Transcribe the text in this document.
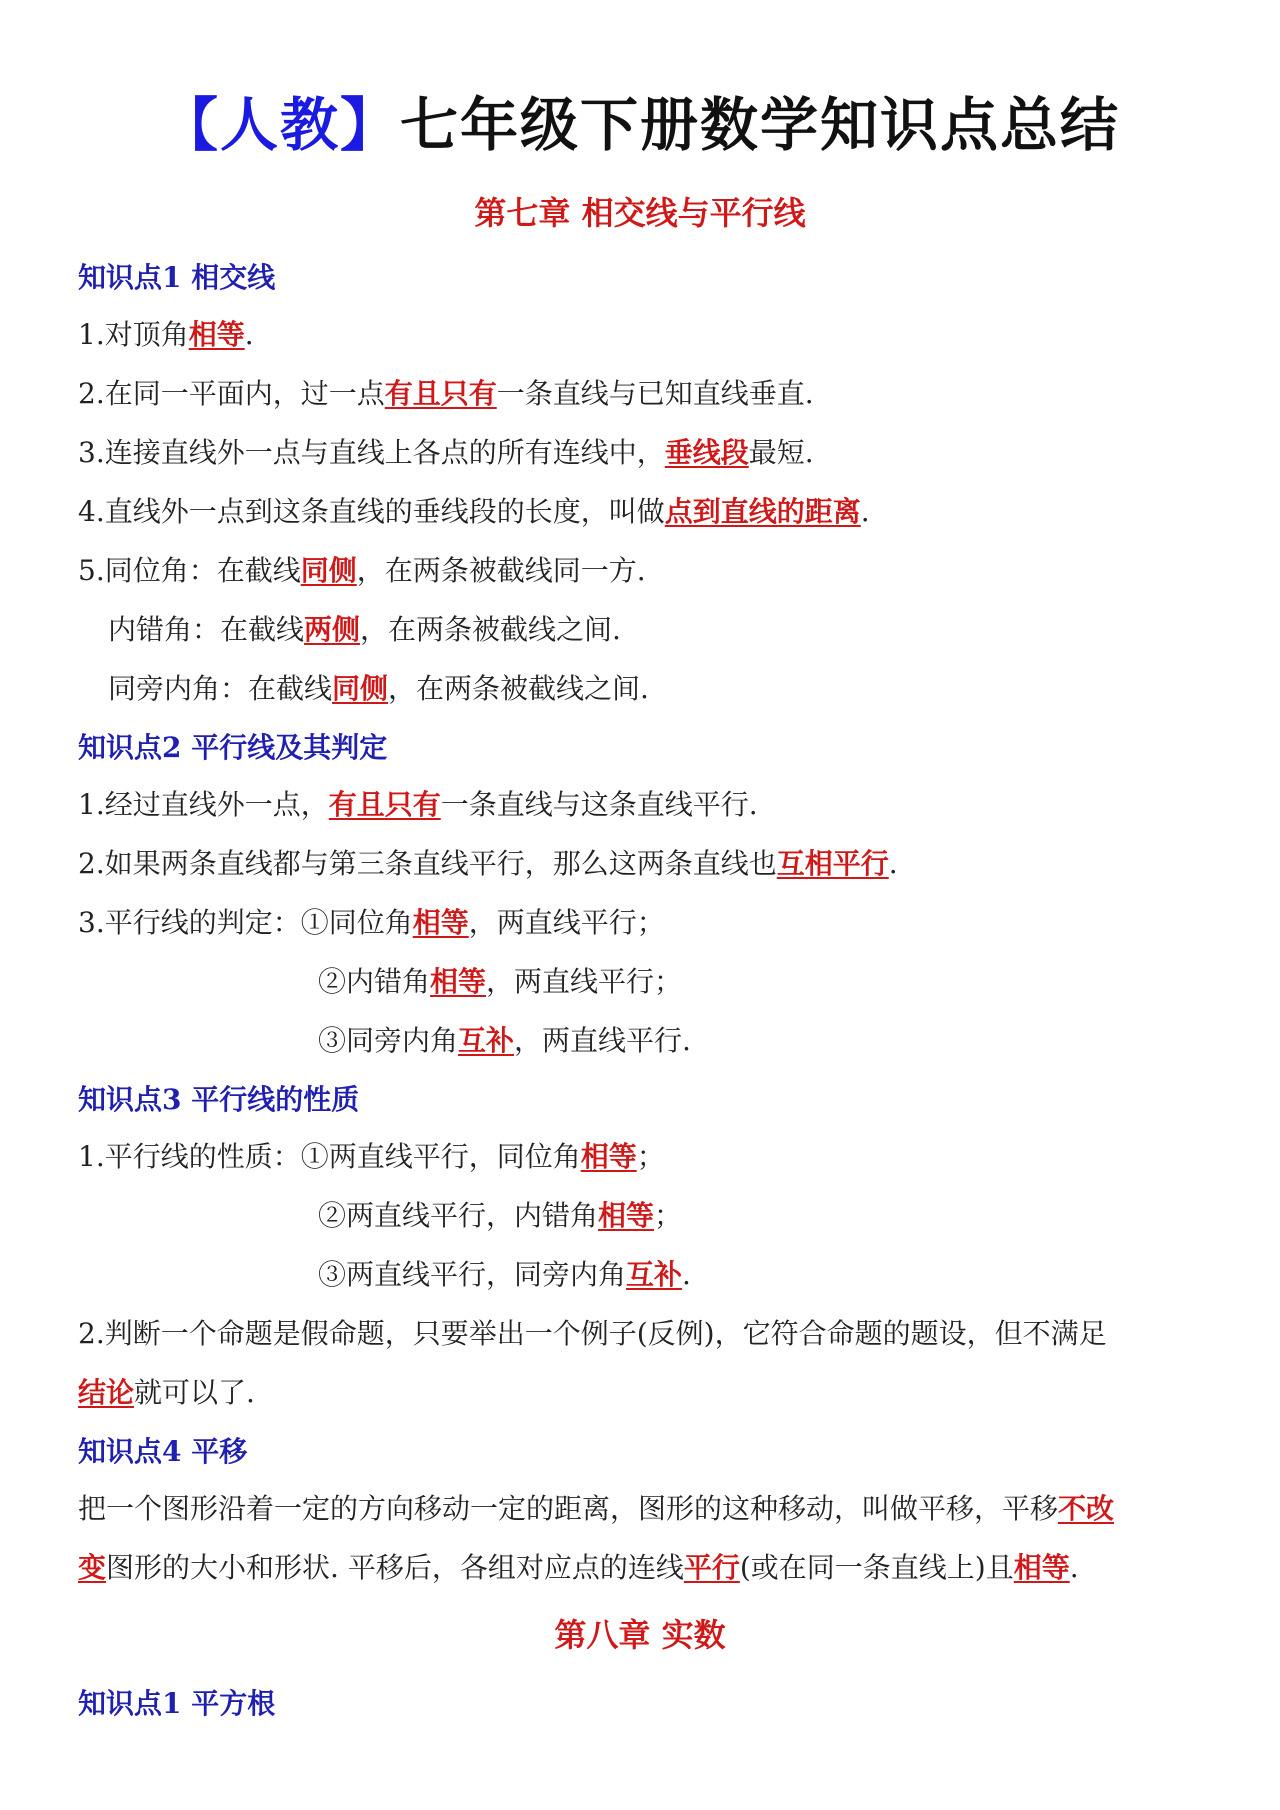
【人教】七年级下册数学知识点总结
第七章 相交线与平行线
知识点1 相交线
1.对顶角相等.
2.在同一平面内，过一点有且只有一条直线与已知直线垂直.
3.连接直线外一点与直线上各点的所有连线中，垂线段最短.
4.直线外一点到这条直线的垂线段的长度，叫做点到直线的距离.
5.同位角：在截线同侧，在两条被截线同一方.
内错角：在截线两侧，在两条被截线之间.
同旁内角：在截线同侧，在两条被截线之间.
知识点2 平行线及其判定
1.经过直线外一点，有且只有一条直线与这条直线平行.
2.如果两条直线都与第三条直线平行，那么这两条直线也互相平行.
3.平行线的判定：①同位角相等，两直线平行；
②内错角相等，两直线平行；
③同旁内角互补，两直线平行.
知识点3 平行线的性质
1.平行线的性质：①两直线平行，同位角相等；
②两直线平行，内错角相等；
③两直线平行，同旁内角互补.
2.判断一个命题是假命题，只要举出一个例子(反例)，它符合命题的题设，但不满足
结论就可以了.
知识点4 平移
把一个图形沿着一定的方向移动一定的距离，图形的这种移动，叫做平移，平移不改
变图形的大小和形状. 平移后，各组对应点的连线平行(或在同一条直线上)且相等.
第八章 实数
知识点1 平方根
